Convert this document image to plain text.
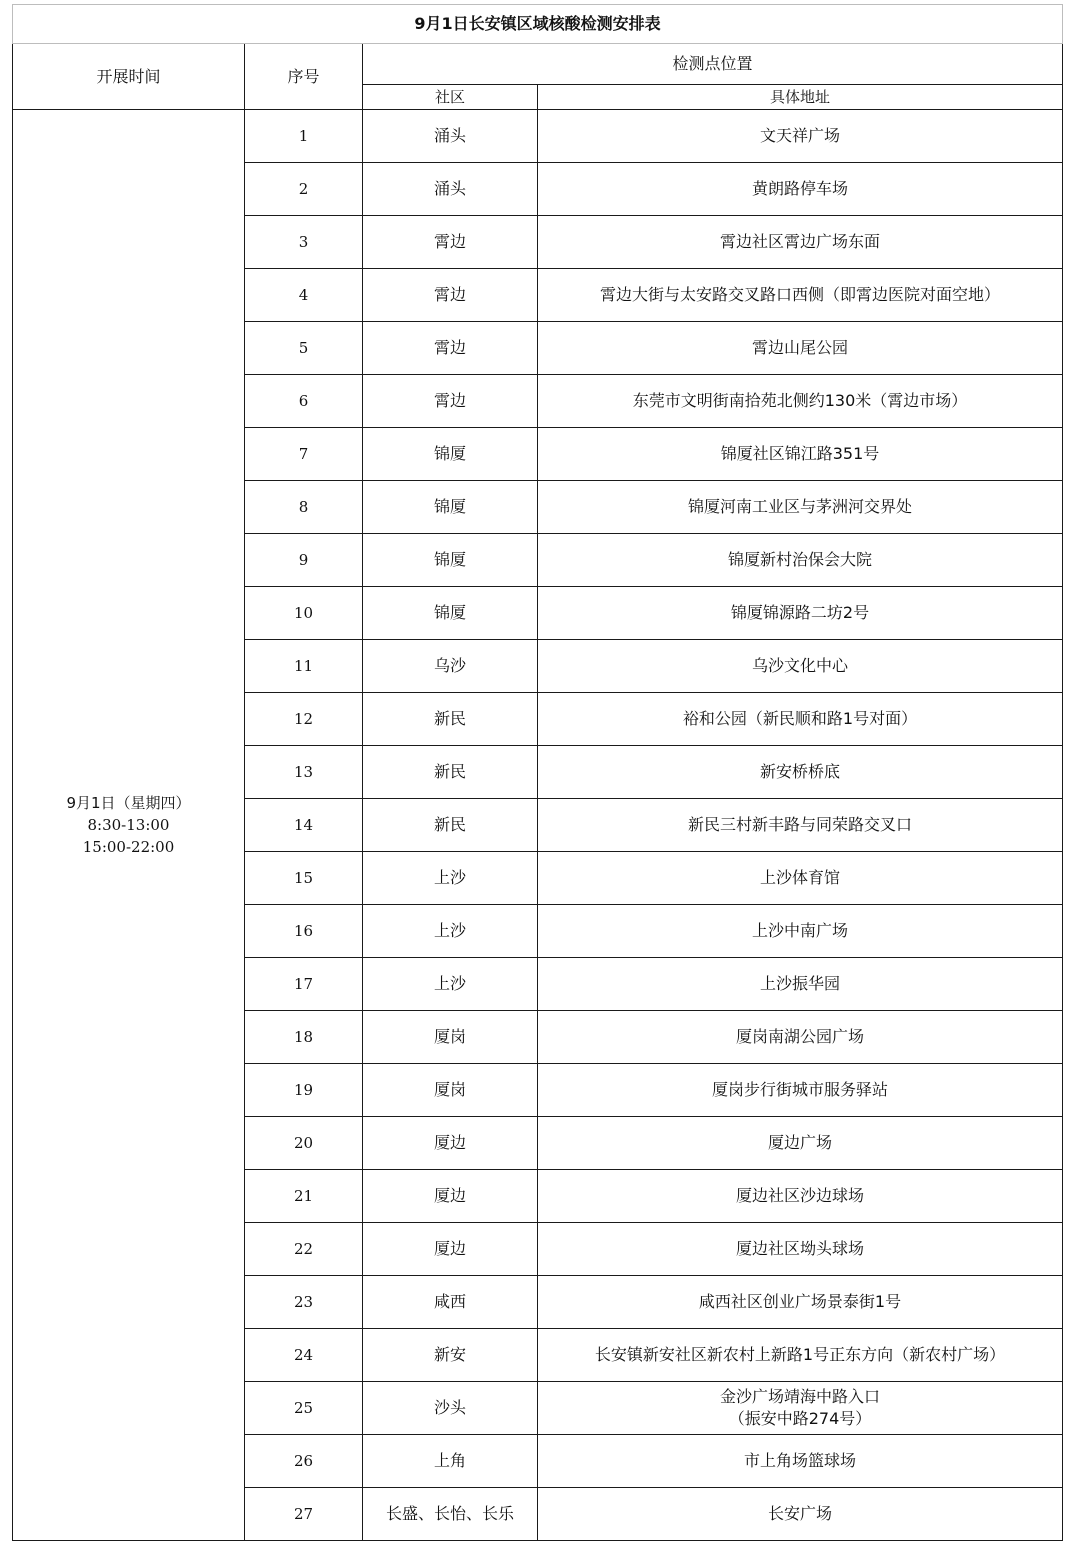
9月1日长安镇区域核酸检测安排表			
开展时间	序号	检测点位置	
		社区	具体地址

9月1日（星期四）
8:30-13:00
15:00-22:00	1	涌头	文天祥广场

	2	涌头	黄朗路停车场

	3	霄边	霄边社区霄边广场东面

	4	霄边	霄边大街与太安路交叉路口西侧（即霄边医院对面空地）

	5	霄边	霄边山尾公园

	6	霄边	东莞市文明街南拾苑北侧约130米（霄边市场）

	7	锦厦	锦厦社区锦江路351号

	8	锦厦	锦厦河南工业区与茅洲河交界处

	9	锦厦	锦厦新村治保会大院

	10	锦厦	锦厦锦源路二坊2号

	11	乌沙	乌沙文化中心

	12	新民	裕和公园（新民顺和路1号对面）

	13	新民	新安桥桥底

	14	新民	新民三村新丰路与同荣路交叉口

	15	上沙	上沙体育馆

	16	上沙	上沙中南广场

	17	上沙	上沙振华园

	18	厦岗	厦岗南湖公园广场

	19	厦岗	厦岗步行街城市服务驿站

	20	厦边	厦边广场

	21	厦边	厦边社区沙边球场

	22	厦边	厦边社区坳头球场

	23	咸西	咸西社区创业广场景泰街1号

	24	新安	长安镇新安社区新农村上新路1号正东方向（新农村广场）

	25	沙头	金沙广场靖海中路入口
（振安中路274号）

	26	上角	市上角场篮球场

	27	长盛、长怡、长乐	长安广场
